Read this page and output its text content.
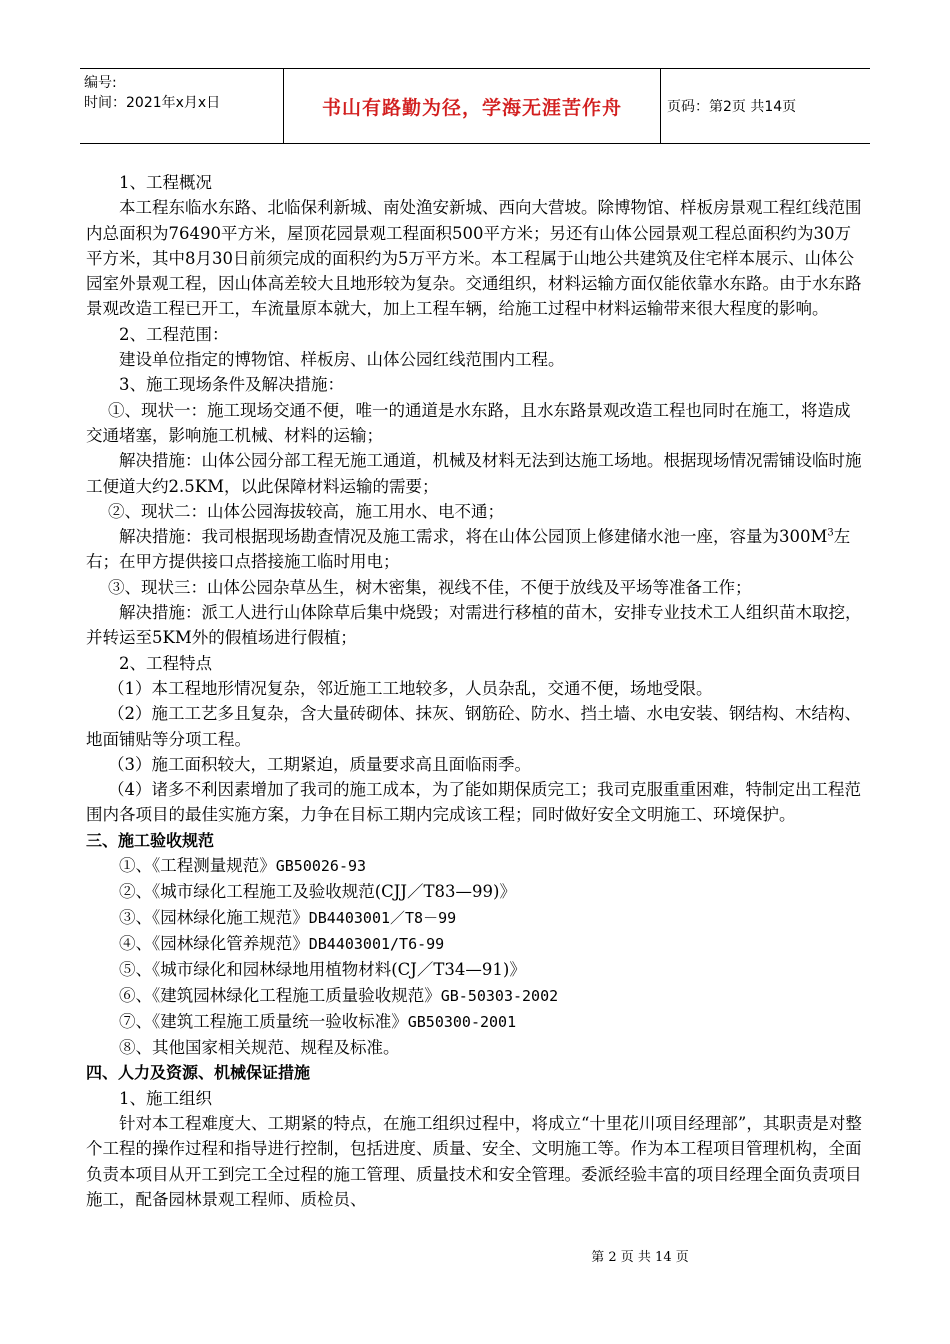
编号:
时间：2021年x月x日	书山有路勤为径，学海无涯苦作舟	页码：第2页 共14页

1、工程概况

本工程东临水东路、北临保利新城、南处渔安新城、西向大营坡。除博物馆、样板房景观工程红线范围内总面积为76490平方米，屋顶花园景观工程面积500平方米；另还有山体公园景观工程总面积约为30万平方米，其中8月30日前须完成的面积约为5万平方米。本工程属于山地公共建筑及住宅样本展示、山体公园室外景观工程，因山体高差较大且地形较为复杂。交通组织，材料运输方面仅能依靠水东路。由于水东路景观改造工程已开工，车流量原本就大，加上工程车辆，给施工过程中材料运输带来很大程度的影响。

2、工程范围：

建设单位指定的博物馆、样板房、山体公园红线范围内工程。

3、施工现场条件及解决措施：

①、现状一：施工现场交通不便，唯一的通道是水东路，且水东路景观改造工程也同时在施工，将造成交通堵塞，影响施工机械、材料的运输；

解决措施：山体公园分部工程无施工通道，机械及材料无法到达施工场地。根据现场情况需铺设临时施工便道大约2.5KM，以此保障材料运输的需要；

②、现状二：山体公园海拔较高，施工用水、电不通；

解决措施：我司根据现场勘查情况及施工需求，将在山体公园顶上修建储水池一座，容量为$300M^3$左右；在甲方提供接口点搭接施工临时用电；

③、现状三：山体公园杂草丛生，树木密集，视线不佳，不便于放线及平场等准备工作；

解决措施：派工人进行山体除草后集中烧毁；对需进行移植的苗木，安排专业技术工人组织苗木取挖，并转运至5KM外的假植场进行假植；

2、工程特点

（1）本工程地形情况复杂，邻近施工工地较多，人员杂乱，交通不便，场地受限。

（2）施工工艺多且复杂，含大量砖砌体、抹灰、钢筋砼、防水、挡土墙、水电安装、钢结构、木结构、地面铺贴等分项工程。

（3）施工面积较大，工期紧迫，质量要求高且面临雨季。

（4）诸多不利因素增加了我司的施工成本，为了能如期保质完工；我司克服重重困难，特制定出工程范围内各项目的最佳实施方案，力争在目标工期内完成该工程；同时做好安全文明施工、环境保护。

三、施工验收规范

①、《工程测量规范》GB50026-93

②、《城市绿化工程施工及验收规范(CJJ／T83—99)》

③、《园林绿化施工规范》DB4403001／T8－99

④、《园林绿化管养规范》DB4403001/T6-99

⑤、《城市绿化和园林绿地用植物材料(CJ／T34—91)》

⑥、《建筑园林绿化工程施工质量验收规范》GB-50303-2002

⑦、《建筑工程施工质量统一验收标准》GB50300-2001

⑧、其他国家相关规范、规程及标准。

四、人力及资源、机械保证措施

1、施工组织

针对本工程难度大、工期紧的特点，在施工组织过程中，将成立“十里花川项目经理部”，其职责是对整个工程的操作过程和指导进行控制，包括进度、质量、安全、文明施工等。作为本工程项目管理机构，全面负责本项目从开工到完工全过程的施工管理、质量技术和安全管理。委派经验丰富的项目经理全面负责项目施工，配备园林景观工程师、质检员、

第 2 页 共 14 页
